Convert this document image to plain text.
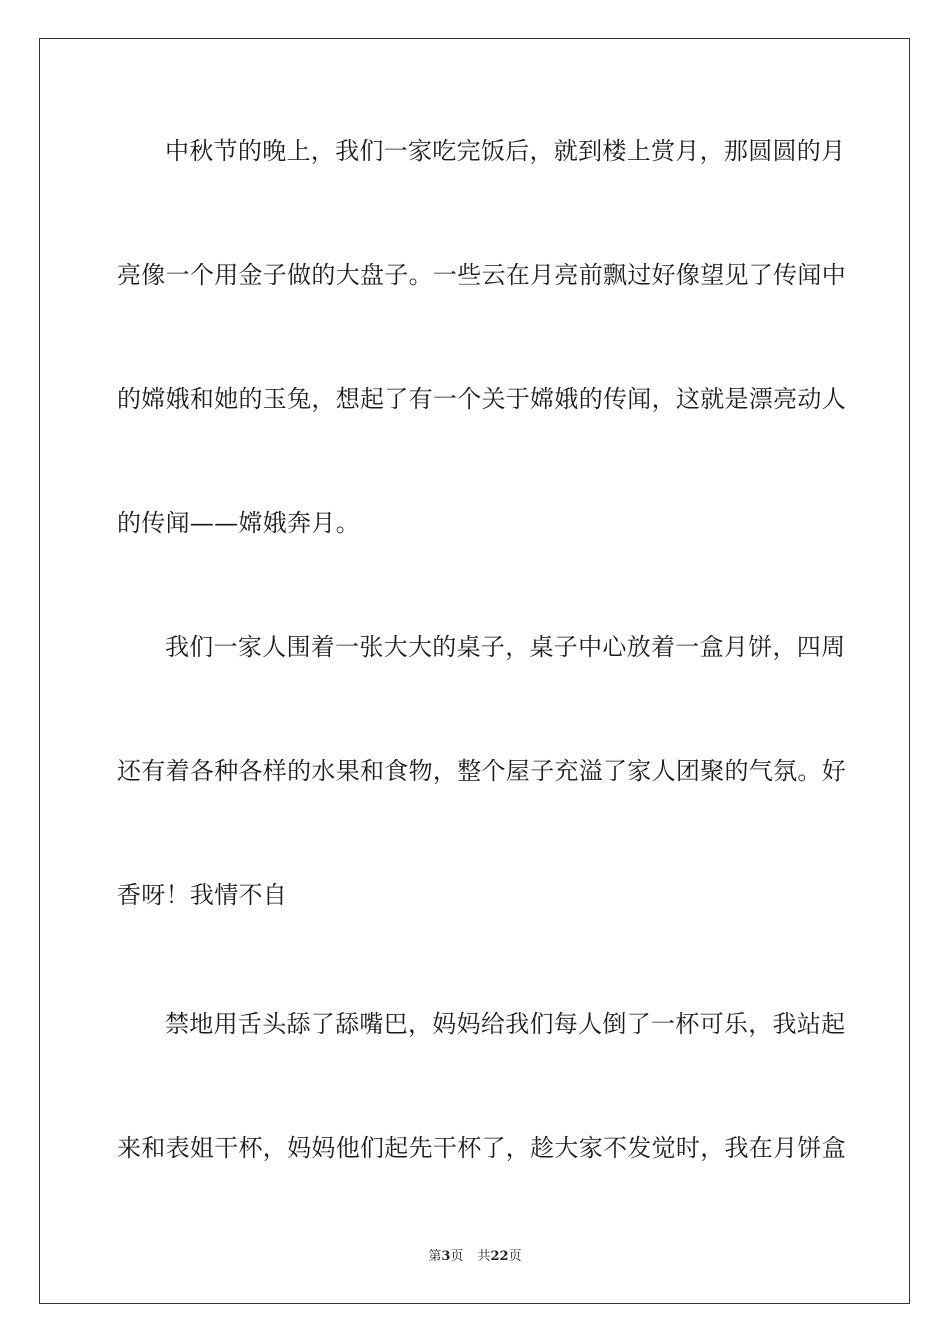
中秋节的晚上，我们一家吃完饭后，就到楼上赏月，那圆圆的月
亮像一个用金子做的大盘子。一些云在月亮前飘过好像望见了传闻中
的嫦娥和她的玉兔，想起了有一个关于嫦娥的传闻，这就是漂亮动人
的传闻——嫦娥奔月。
我们一家人围着一张大大的桌子，桌子中心放着一盒月饼，四周
还有着各种各样的水果和食物，整个屋子充溢了家人团聚的气氛。好
香呀！我情不自
禁地用舌头舔了舔嘴巴，妈妈给我们每人倒了一杯可乐，我站起
来和表姐干杯，妈妈他们起先干杯了，趁大家不发觉时，我在月饼盒
第3页 共22页
